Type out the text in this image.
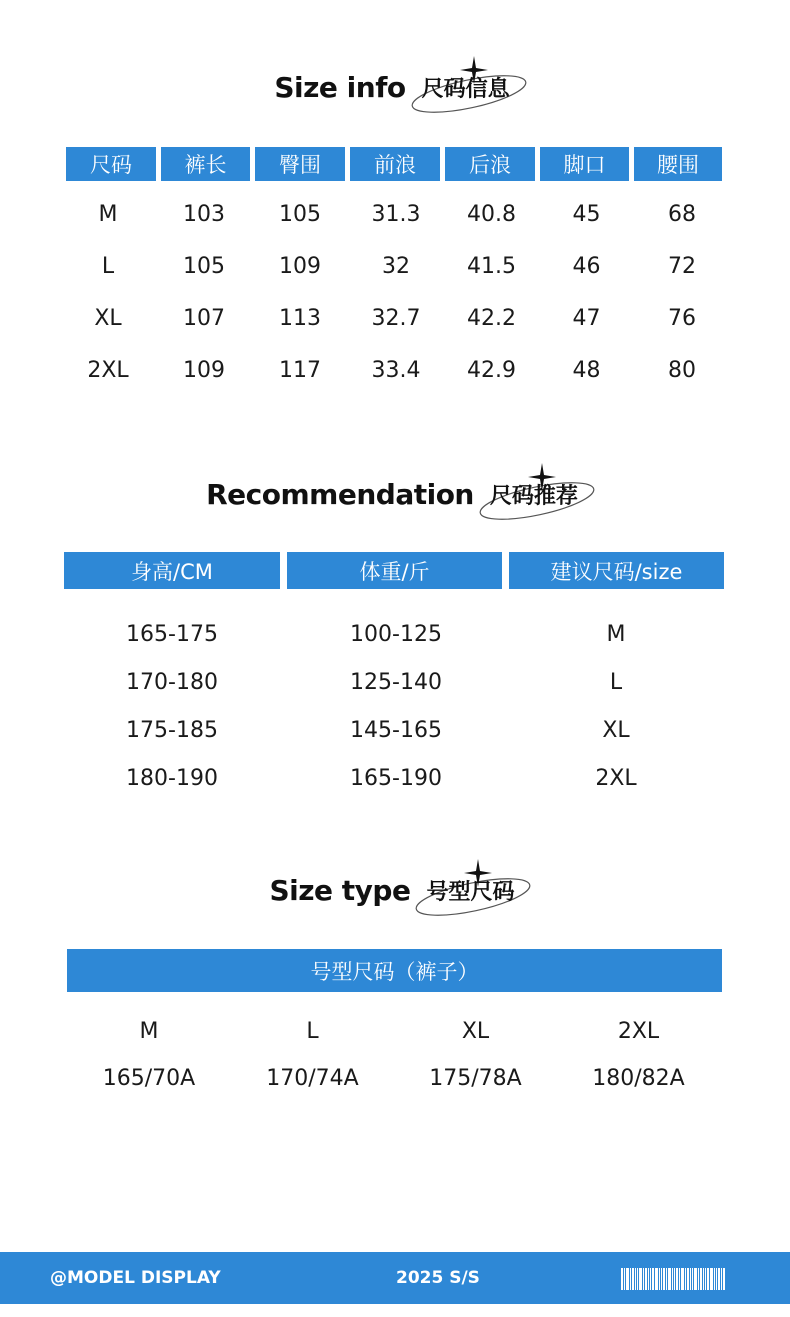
Size info 尺码信息
尺码	裤长	臀围	前浪	后浪	脚口	腰围
M	103	105	31.3	40.8	45	68
L	105	109	32	41.5	46	72
XL	107	113	32.7	42.2	47	76
2XL	109	117	33.4	42.9	48	80
Recommendation 尺码推荐
身高/CM	体重/斤	建议尺码/size
165-175	100-125	M
170-180	125-140	L
175-185	145-165	XL
180-190	165-190	2XL
Size type 号型尺码
号型尺码（裤子）
M	L	XL	2XL
165/70A	170/74A	175/78A	180/82A
@MODEL DISPLAY	2025 S/S
